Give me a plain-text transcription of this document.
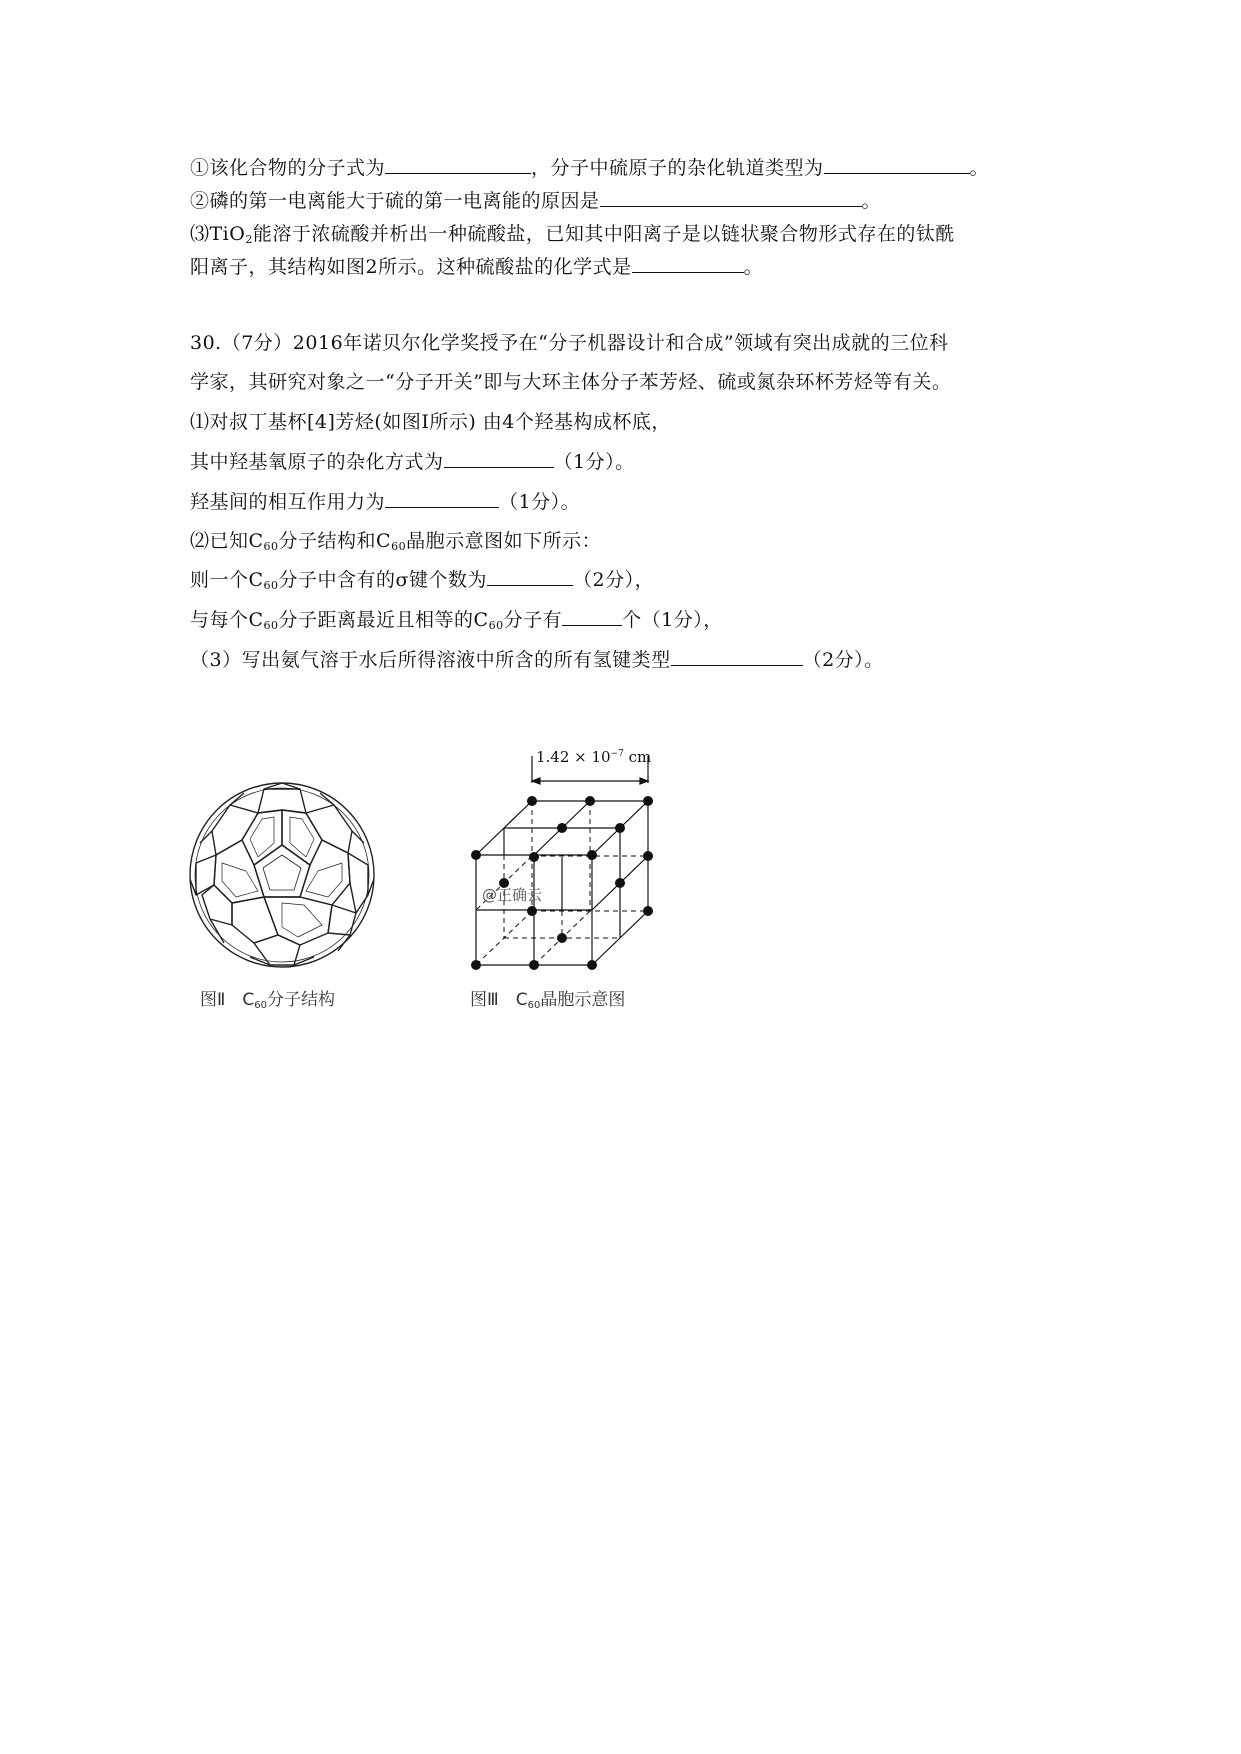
①该化合物的分子式为	，分子中硫原子的杂化轨道类型为	。
②磷的第一电离能大于硫的第一电离能的原因是	。
⑶TiO$_2$能溶于浓硫酸并析出一种硫酸盐，已知其中阳离子是以链状聚合物形式存在的钛酰
阳离子，其结构如图2所示。这种硫酸盐的化学式是	。
30.（7分）2016年诺贝尔化学奖授予在“分子机器设计和合成”领域有突出成就的三位科
学家，其研究对象之一“分子开关”即与大环主体分子苯芳烃、硫或氮杂环杯芳烃等有关。
⑴对叔丁基杯[4]芳烃(如图Ⅰ所示) 由4个羟基构成杯底，
其中羟基氧原子的杂化方式为	（1分）。
羟基间的相互作用力为	（1分）。
⑵已知$C_{60}$分子结构和$C_{60}$晶胞示意图如下所示：
则一个$C_{60}$分子中含有的σ键个数为	（2分），
与每个$C_{60}$分子距离最近且相等的$C_{60}$分子有	个（1分），
（3）写出氨气溶于水后所得溶液中所含的所有氢键类型	（2分）。
图Ⅱ　$C_{60}$分子结构
$1.42 \times 10^{-7}$ cm
@正确云
图Ⅲ　$C_{60}$晶胞示意图
